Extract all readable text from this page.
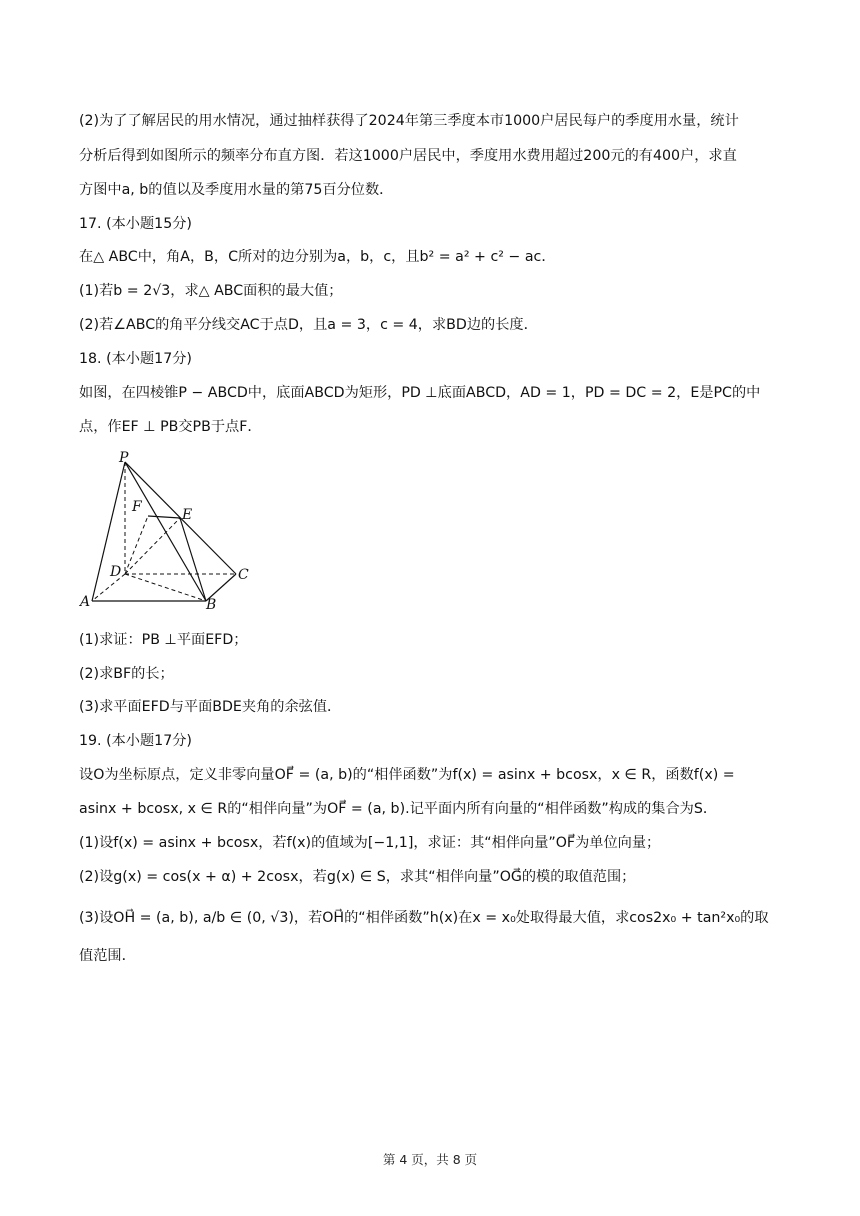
(2)为了了解居民的用水情况，通过抽样获得了2024年第三季度本市1000户居民每户的季度用水量，统计
分析后得到如图所示的频率分布直方图．若这1000户居民中，季度用水费用超过200元的有400户，求直
方图中a, b的值以及季度用水量的第75百分位数．
17. (本小题15分)
在△ ABC中，角A，B，C所对的边分别为a，b，c，且b² = a² + c² − ac．
(1)若b = 2√3，求△ ABC面积的最大值；
(2)若∠ABC的角平分线交AC于点D，且a = 3，c = 4，求BD边的长度．
18. (本小题17分)
如图，在四棱锥P − ABCD中，底面ABCD为矩形，PD ⊥底面ABCD，AD = 1，PD = DC = 2，E是PC的中
点，作EF ⊥ PB交PB于点F．
P
F	E
D	C
A	B
(1)求证：PB ⊥平面EFD；
(2)求BF的长；
(3)求平面EFD与平面BDE夹角的余弦值．
19. (本小题17分)
设O为坐标原点，定义非零向量OF⃗ = (a, b)的“相伴函数”为f(x) = asinx + bcosx，x ∈ R，函数f(x) =
asinx + bcosx, x ∈ R的“相伴向量”为OF⃗ = (a, b).记平面内所有向量的“相伴函数”构成的集合为S．
(1)设f(x) = asinx + bcosx，若f(x)的值域为[−1,1]，求证：其“相伴向量”OF⃗为单位向量；
(2)设g(x) = cos(x + α) + 2cosx，若g(x) ∈ S，求其“相伴向量”OG⃗的模的取值范围；
(3)设OH⃗ = (a, b), a/b ∈ (0, √3)，若OH⃗的“相伴函数”h(x)在x = x₀处取得最大值，求cos2x₀ + tan²x₀的取
值范围．
第 4 页，共 8 页
